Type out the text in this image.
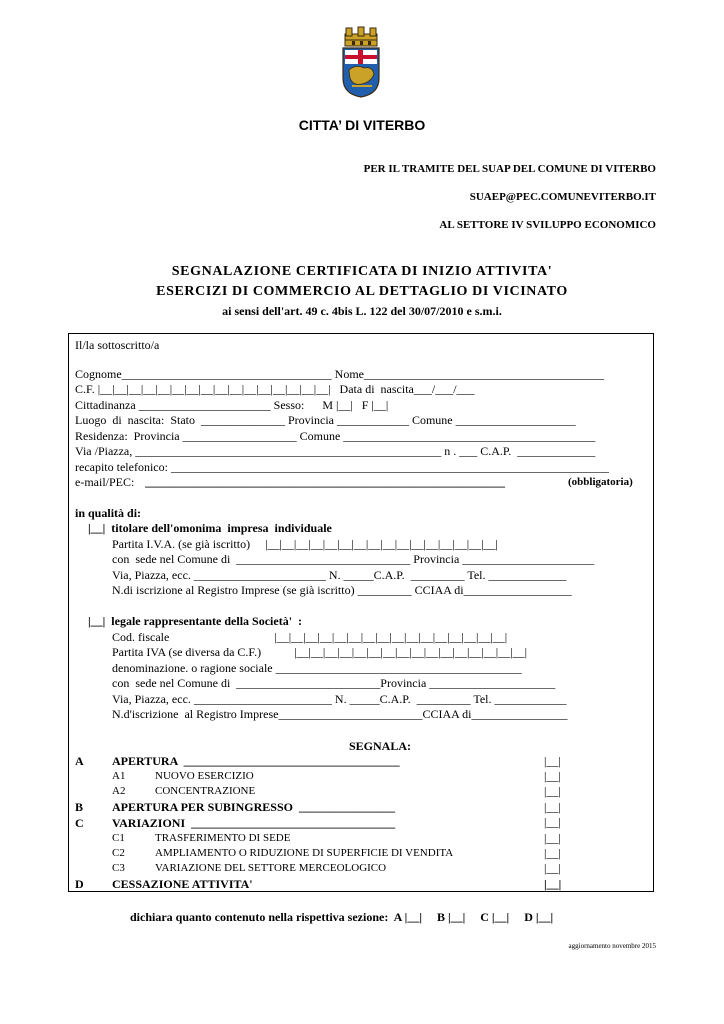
CITTA’ DI VITERBO
PER IL TRAMITE DEL SUAP DEL COMUNE DI VITERBO
SUAEP@PEC.COMUNEVITERBO.IT
AL SETTORE IV SVILUPPO ECONOMICO
SEGNALAZIONE CERTIFICATA DI INIZIO ATTIVITA'
ESERCIZI DI COMMERCIO AL DETTAGLIO DI VICINATO
ai sensi dell'art. 49 c. 4bis L. 122 del 30/07/2010 e s.m.i.
Il/la sottoscritto/a
Cognome___________________________________ Nome________________________________________
C.F. |__|__|__|__|__|__|__|__|__|__|__|__|__|__|__|__|   Data di  nascita___/___/___
Cittadinanza ______________________ Sesso:      M |__|   F |__|
Luogo  di  nascita:  Stato  ______________ Provincia ____________ Comune ____________________
Residenza:  Provincia ___________________ Comune __________________________________________
Via /Piazza, ___________________________________________________ n . ___ C.A.P.  _____________
recapito telefonico: _________________________________________________________________________
e-mail/PEC: ____________________________________________________________	(obbligatoria)
in qualità di:
|__|  titolare dell'omonima  impresa  individuale
Partita I.V.A. (se già iscritto)     |__|__|__|__|__|__|__|__|__|__|__|__|__|__|__|__|
con  sede nel Comune di  _____________________________ Provincia ______________________
Via, Piazza, ecc. ______________________ N. _____C.A.P.  _________ Tel. _____________
N.di iscrizione al Registro Imprese (se già iscritto) _________ CCIAA di__________________
|__|  legale rappresentante della Società'  :
Cod. fiscale                                   |__|__|__|__|__|__|__|__|__|__|__|__|__|__|__|__|
Partita IVA (se diversa da C.F.)           |__|__|__|__|__|__|__|__|__|__|__|__|__|__|__|__|
denominazione. o ragione sociale _________________________________________
con  sede nel Comune di  ________________________Provincia _____________________
Via, Piazza, ecc. _______________________ N. _____C.A.P.  _________ Tel. ____________
N.d'iscrizione  al Registro Imprese________________________CCIAA di________________
SEGNALA:
A APERTURA  ____________________________________	|__|
A1	NUOVO ESERCIZIO	|__|
A2	CONCENTRAZIONE	|__|
B APERTURA PER SUBINGRESSO  ________________	|__|
C VARIAZIONI  __________________________________	|__|
C1	TRASFERIMENTO DI SEDE	|__|
C2	AMPLIAMENTO O RIDUZIONE DI SUPERFICIE DI VENDITA	|__|
C3	VARIAZIONE DEL SETTORE MERCEOLOGICO	|__|
D CESSAZIONE ATTIVITA'	|__|
dichiara quanto contenuto nella rispettiva sezione:  A |__|     B |__|     C |__|     D |__|
aggiornamento novembre 2015
